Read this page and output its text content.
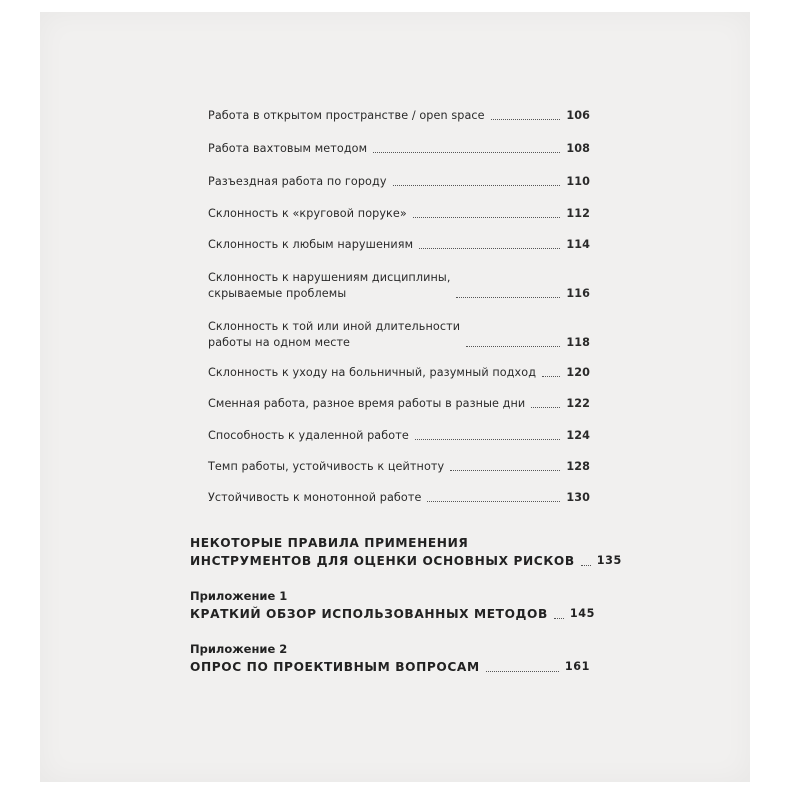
Работа в открытом пространстве / open space	106
Работа вахтовым методом	108
Разъездная работа по городу	110
Склонность к «круговой поруке»	112
Склонность к любым нарушениям	114
Склонность к нарушениям дисциплины,
скрываемые проблемы	116
Склонность к той или иной длительности
работы на одном месте	118
Склонность к уходу на больничный, разумный подход	120
Сменная работа, разное время работы в разные дни	122
Способность к удаленной работе	124
Темп работы, устойчивость к цейтноту	128
Устойчивость к монотонной работе	130
НЕКОТОРЫЕ ПРАВИЛА ПРИМЕНЕНИЯ
ИНСТРУМЕНТОВ ДЛЯ ОЦЕНКИ ОСНОВНЫХ РИСКОВ 135
Приложение 1
КРАТКИЙ ОБЗОР ИСПОЛЬЗОВАННЫХ МЕТОДОВ 145
Приложение 2
ОПРОС ПО ПРОЕКТИВНЫМ ВОПРОСАМ	161
